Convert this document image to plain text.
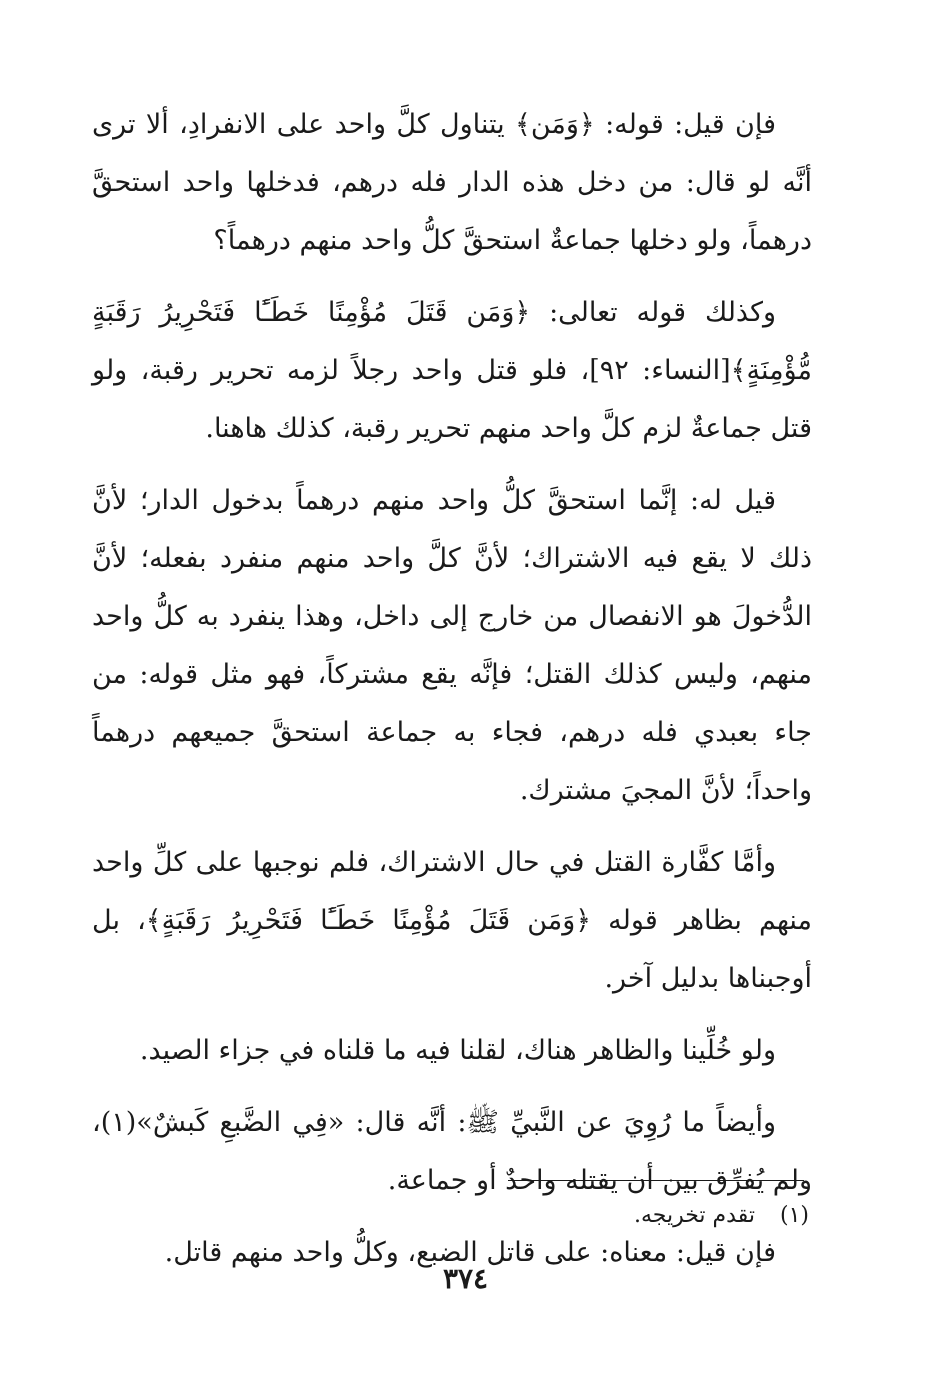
فإن قيل: قوله: ﴿وَمَن﴾ يتناول كلَّ واحد على الانفرادِ، ألا ترى أنَّه لو قال: من دخل هذه الدار فله درهم، فدخلها واحد استحقَّ درهماً، ولو دخلها جماعةٌ استحقَّ كلُّ واحد منهم درهماً؟

وكذلك قوله تعالى: ﴿وَمَن قَتَلَ مُؤْمِنًا خَطَـًٔا فَتَحْرِيرُ رَقَبَةٍ مُّؤْمِنَةٍ﴾[النساء: ٩٢]، فلو قتل واحد رجلاً لزمه تحرير رقبة، ولو قتل جماعةٌ لزم كلَّ واحد منهم تحرير رقبة، كذلك هاهنا.

قيل له: إنَّما استحقَّ كلُّ واحد منهم درهماً بدخول الدار؛ لأنَّ ذلك لا يقع فيه الاشتراك؛ لأنَّ كلَّ واحد منهم منفرد بفعله؛ لأنَّ الدُّخولَ هو الانفصال من خارج إلى داخل، وهذا ينفرد به كلُّ واحد منهم، وليس كذلك القتل؛ فإنَّه يقع مشتركاً، فهو مثل قوله: من جاء بعبدي فله درهم، فجاء به جماعة استحقَّ جميعهم درهماً واحداً؛ لأنَّ المجيَ مشترك.

وأمَّا كفَّارة القتل في حال الاشتراك، فلم نوجبها على كلِّ واحد منهم بظاهر قوله ﴿وَمَن قَتَلَ مُؤْمِنًا خَطَـًٔا فَتَحْرِيرُ رَقَبَةٍ﴾، بل أوجبناها بدليل آخر.

ولو خُلِّينا والظاهر هناك، لقلنا فيه ما قلناه في جزاء الصيد.

وأيضاً ما رُوِيَ عن النَّبيِّ ﷺ: أنَّه قال: «فِي الضَّبعِ كَبشٌ»(١)، ولم يُفرِّق بين أن يقتله واحدٌ أو جماعة.

فإن قيل: معناه: على قاتل الضبع، وكلُّ واحد منهم قاتل.

(١) تقدم تخريجه.
٣٧٤
